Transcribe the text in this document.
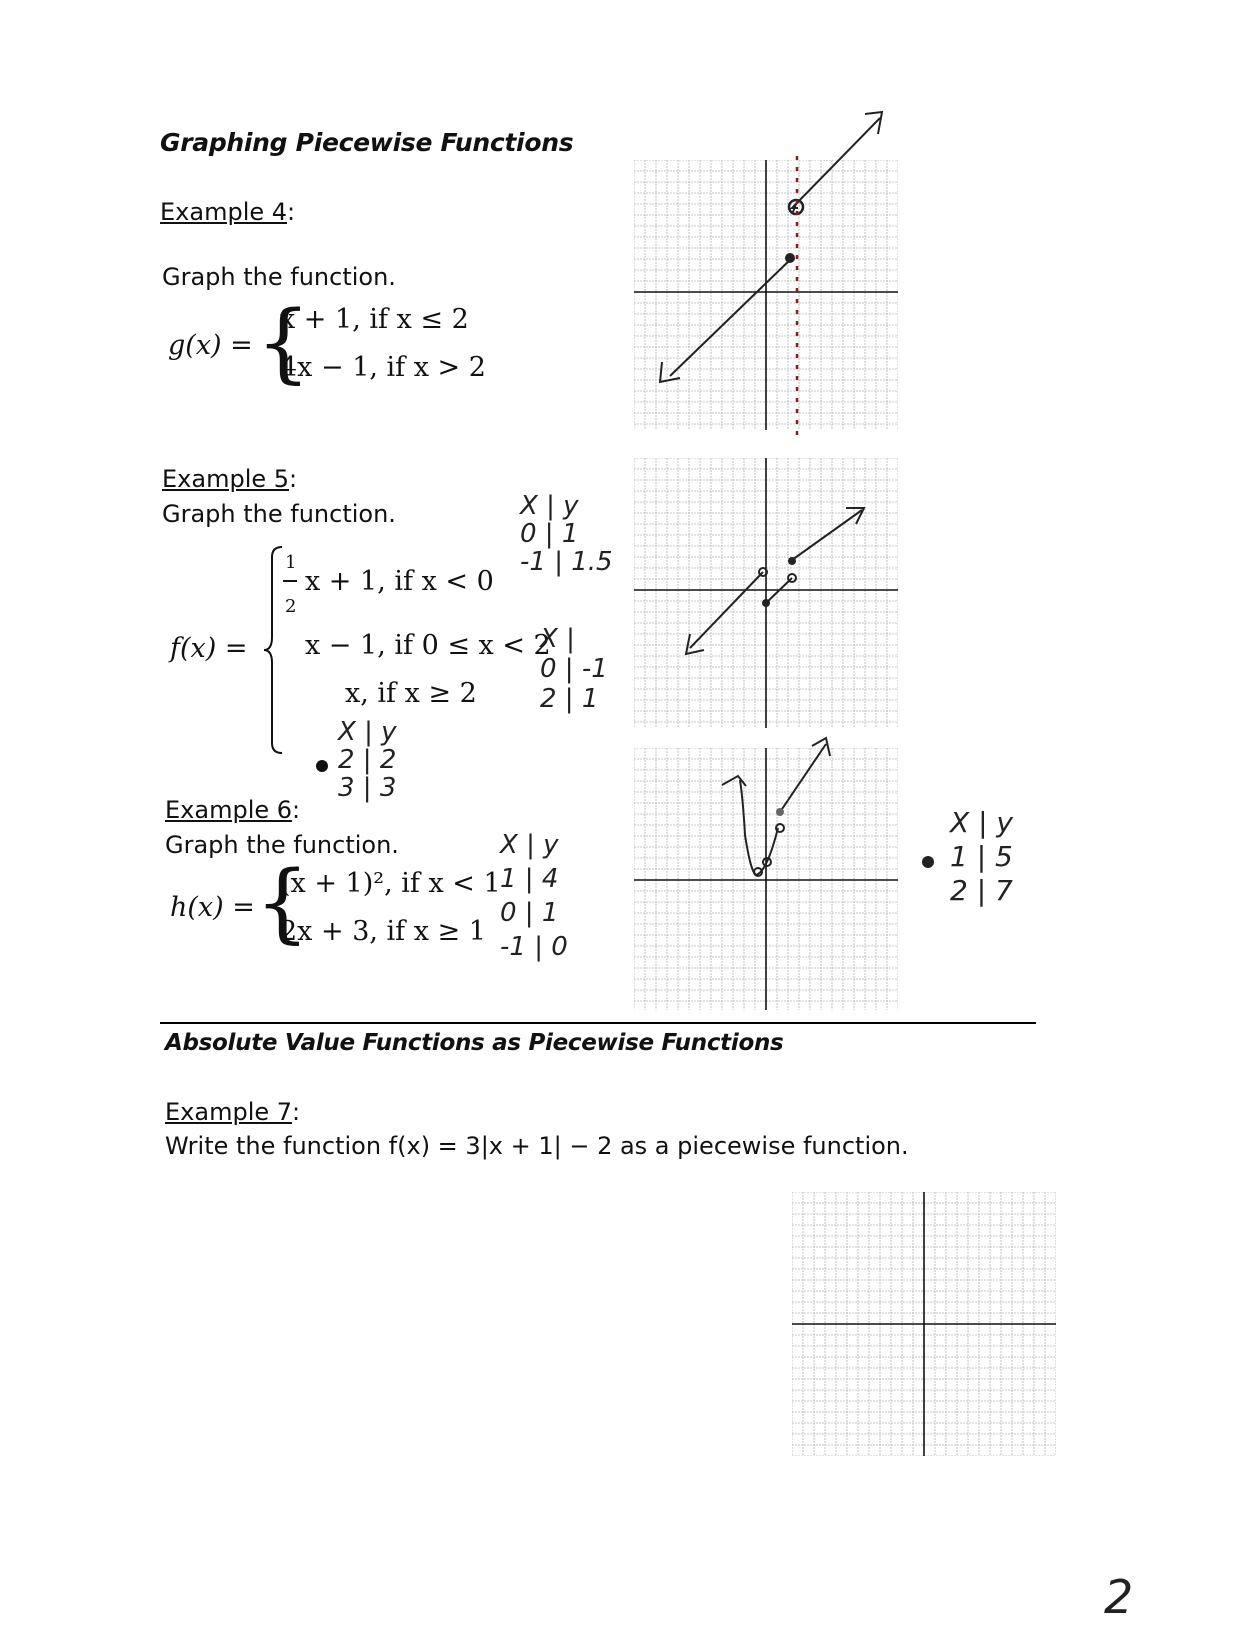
Graphing Piecewise Functions
Example 4:
Graph the function.
g(x) = {
x + 1, if x ≤ 2
4x − 1, if x > 2
Example 5:
Graph the function.
f(x) =
1
2
x + 1, if x < 0
x − 1, if 0 ≤ x < 2
x, if x ≥ 2
Example 6:
Graph the function.
h(x) = {
(x + 1)², if x < 1
2x + 3, if x ≥ 1
X | y
0 | 1
-1 | 1.5
X |
0 | -1
2 | 1
X | y
2 | 2
3 | 3
X | y
1 | 4
0 | 1
-1 | 0
X | y
1 | 5
2 | 7
Absolute Value Functions as Piecewise Functions
Example 7:
Write the function f(x) = 3|x + 1| − 2 as a piecewise function.
2
